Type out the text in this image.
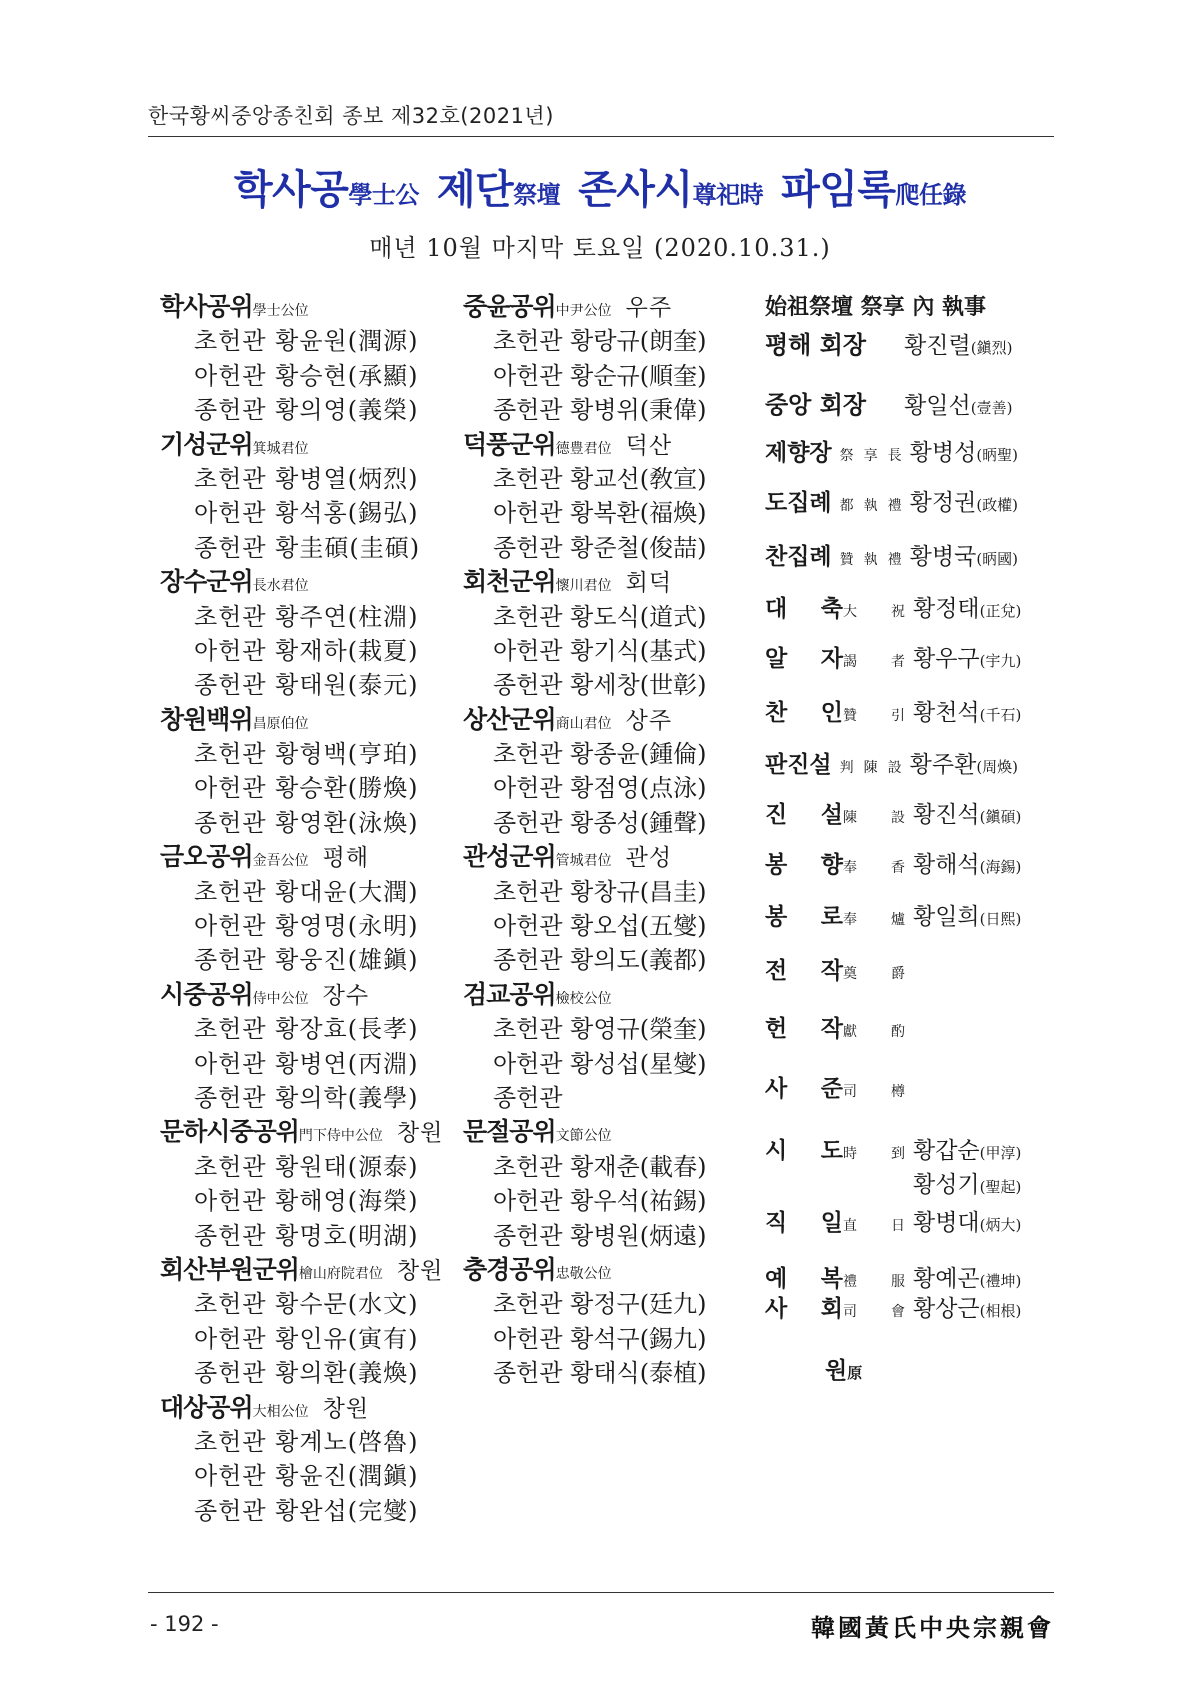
한국황씨중앙종친회 종보 제32호(2021년)
학사공學士公 제단祭壇 존사시尊祀時 파임록爬任錄
매년 10월 마지막 토요일 (2020.10.31.)
학사공위學士公位
초헌관 황윤원(潤源)
아헌관 황승현(承顯)
종헌관 황의영(義榮)
기성군위箕城君位
초헌관 황병열(炳烈)
아헌관 황석홍(錫弘)
종헌관 황圭碩(圭碩)
장수군위長水君位
초헌관 황주연(柱淵)
아헌관 황재하(栽夏)
종헌관 황태원(泰元)
창원백위昌原伯位
초헌관 황형백(亨珀)
아헌관 황승환(勝煥)
종헌관 황영환(泳煥)
금오공위金吾公位 평해
초헌관 황대윤(大潤)
아헌관 황영명(永明)
종헌관 황웅진(雄鎭)
시중공위侍中公位 장수
초헌관 황장효(長孝)
아헌관 황병연(丙淵)
종헌관 황의학(義學)
문하시중공위門下侍中公位 창원
초헌관 황원태(源泰)
아헌관 황해영(海榮)
종헌관 황명호(明湖)
회산부원군위檜山府院君位 창원
초헌관 황수문(水文)
아헌관 황인유(寅有)
종헌관 황의환(義煥)
대상공위大相公位 창원
초헌관 황계노(啓魯)
아헌관 황윤진(潤鎭)
종헌관 황완섭(完燮)
중윤공위中尹公位 우주
초헌관 황랑규(朗奎)
아헌관 황순규(順奎)
종헌관 황병위(秉偉)
덕풍군위德豊君位 덕산
초헌관 황교선(敎宣)
아헌관 황복환(福煥)
종헌관 황준철(俊喆)
회천군위懷川君位 회덕
초헌관 황도식(道式)
아헌관 황기식(基式)
종헌관 황세창(世彰)
상산군위商山君位 상주
초헌관 황종윤(鍾倫)
아헌관 황점영(点泳)
종헌관 황종성(鍾聲)
관성군위管城君位 관성
초헌관 황창규(昌圭)
아헌관 황오섭(五燮)
종헌관 황의도(義都)
검교공위檢校公位
초헌관 황영규(榮奎)
아헌관 황성섭(星燮)
종헌관
문절공위文節公位
초헌관 황재춘(載春)
아헌관 황우석(祐錫)
종헌관 황병원(炳遠)
충경공위忠敬公位
초헌관 황정구(廷九)
아헌관 황석구(錫九)
종헌관 황태식(泰植)
始祖祭壇 祭享 內 執事
평해 회장 황진렬(鎭烈)
중앙 회장 황일선(壹善)
제향장 祭享長 황병성(昞聖)
도집례 都執禮 황정권(政權)
찬집례 贊執禮 황병국(昞國)
대 축大 祝 황정태(正兌)
알 자謁 者 황우구(宇九)
찬 인贊 引 황천석(千石)
판진설 判陳設 황주환(周煥)
진 설陳 設 황진석(鎭碩)
봉 향奉 香 황해석(海錫)
봉 로奉 爐 황일희(日熙)
전 작奠 爵
헌 작獻 酌
사 준司 樽
시 도時 到 황갑순(甲淳)
황성기(聖起)
직 일直 日 황병대(炳大)
예 복禮 服 황예곤(禮坤)
사 회司 會 황상근(相根)
원原
- 192 -	韓國黃氏中央宗親會
